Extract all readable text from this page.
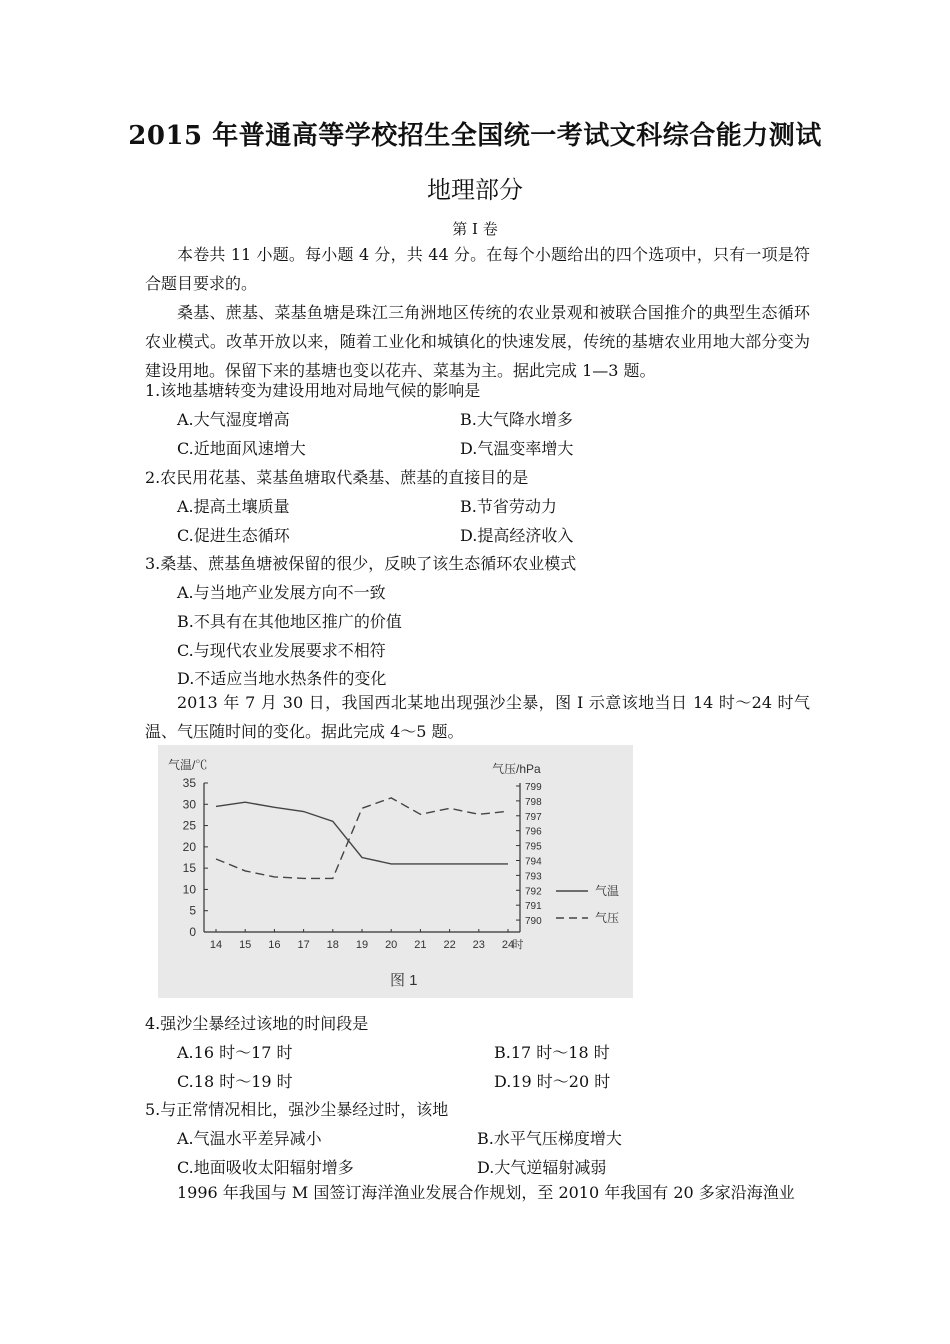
2015 年普通高等学校招生全国统一考试文科综合能力测试
地理部分
第 I 卷
本卷共 11 小题。每小题 4 分，共 44 分。在每个小题给出的四个选项中，只有一项是符合题目要求的。
桑基、蔗基、菜基鱼塘是珠江三角洲地区传统的农业景观和被联合国推介的典型生态循环农业模式。改革开放以来，随着工业化和城镇化的快速发展，传统的基塘农业用地大部分变为建设用地。保留下来的基塘也变以花卉、菜基为主。据此完成 1—3 题。
1.该地基塘转变为建设用地对局地气候的影响是
A.大气湿度增高	B.大气降水增多
C.近地面风速增大	D.气温变率增大
2.农民用花基、菜基鱼塘取代桑基、蔗基的直接目的是
A.提高土壤质量	B.节省劳动力
C.促进生态循环	D.提高经济收入
3.桑基、蔗基鱼塘被保留的很少，反映了该生态循环农业模式
A.与当地产业发展方向不一致
B.不具有在其他地区推广的价值
C.与现代农业发展要求不相符
D.不适应当地水热条件的变化
2013 年 7 月 30 日，我国西北某地出现强沙尘暴，图 I 示意该地当日 14 时～24 时气温、气压随时间的变化。据此完成 4～5 题。
气温/℃	气压/hPa
0
5
10
15
20
25
30
35
790
791
792
793
794
795
796
797
798
799
14 15 16 17 18 19 20 21 22 23 24
时
气温
气压
图 1
4.强沙尘暴经过该地的时间段是
A.16 时～17 时	B.17 时～18 时
C.18 时～19 时	D.19 时～20 时
5.与正常情况相比，强沙尘暴经过时，该地
A.气温水平差异减小	B.水平气压梯度增大
C.地面吸收太阳辐射增多	D.大气逆辐射减弱
1996 年我国与 M 国签订海洋渔业发展合作规划，至 2010 年我国有 20 多家沿海渔业
